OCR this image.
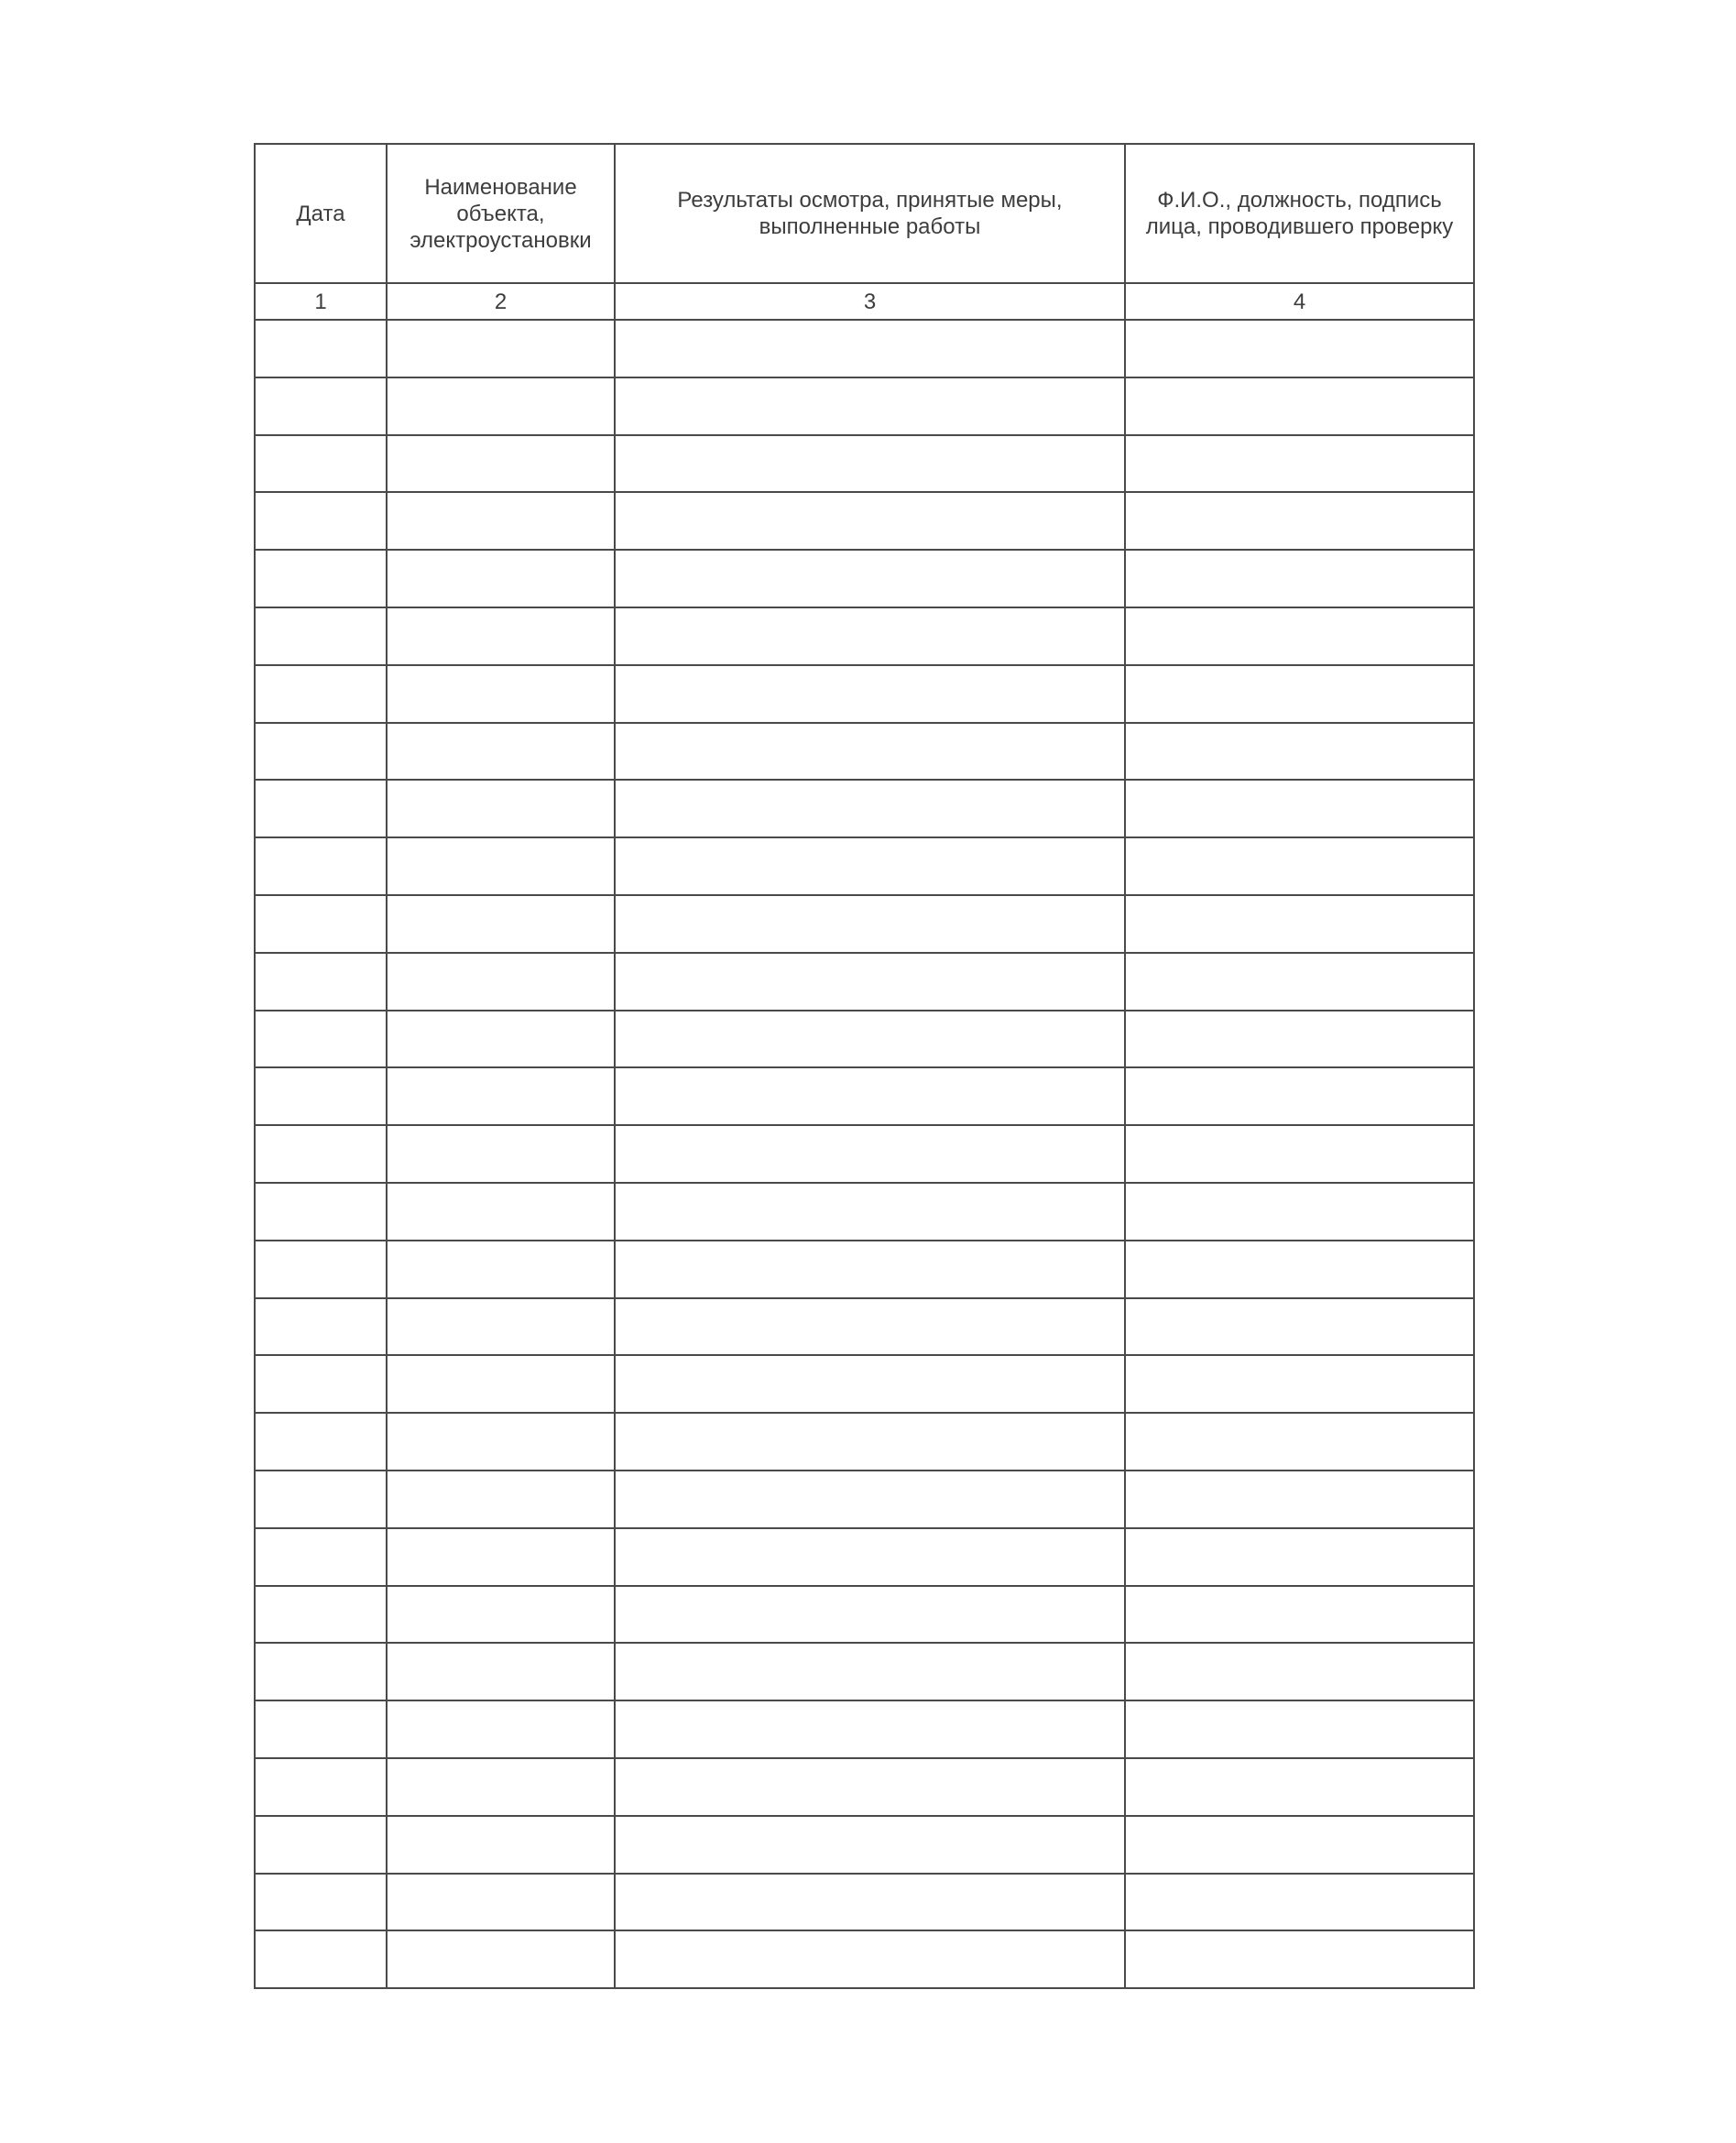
Дата	Наименование объекта, электроустановки	Результаты осмотра, принятые меры, выполненные работы	Ф.И.О., должность, подпись лица, проводившего проверку

1	2	3	4
